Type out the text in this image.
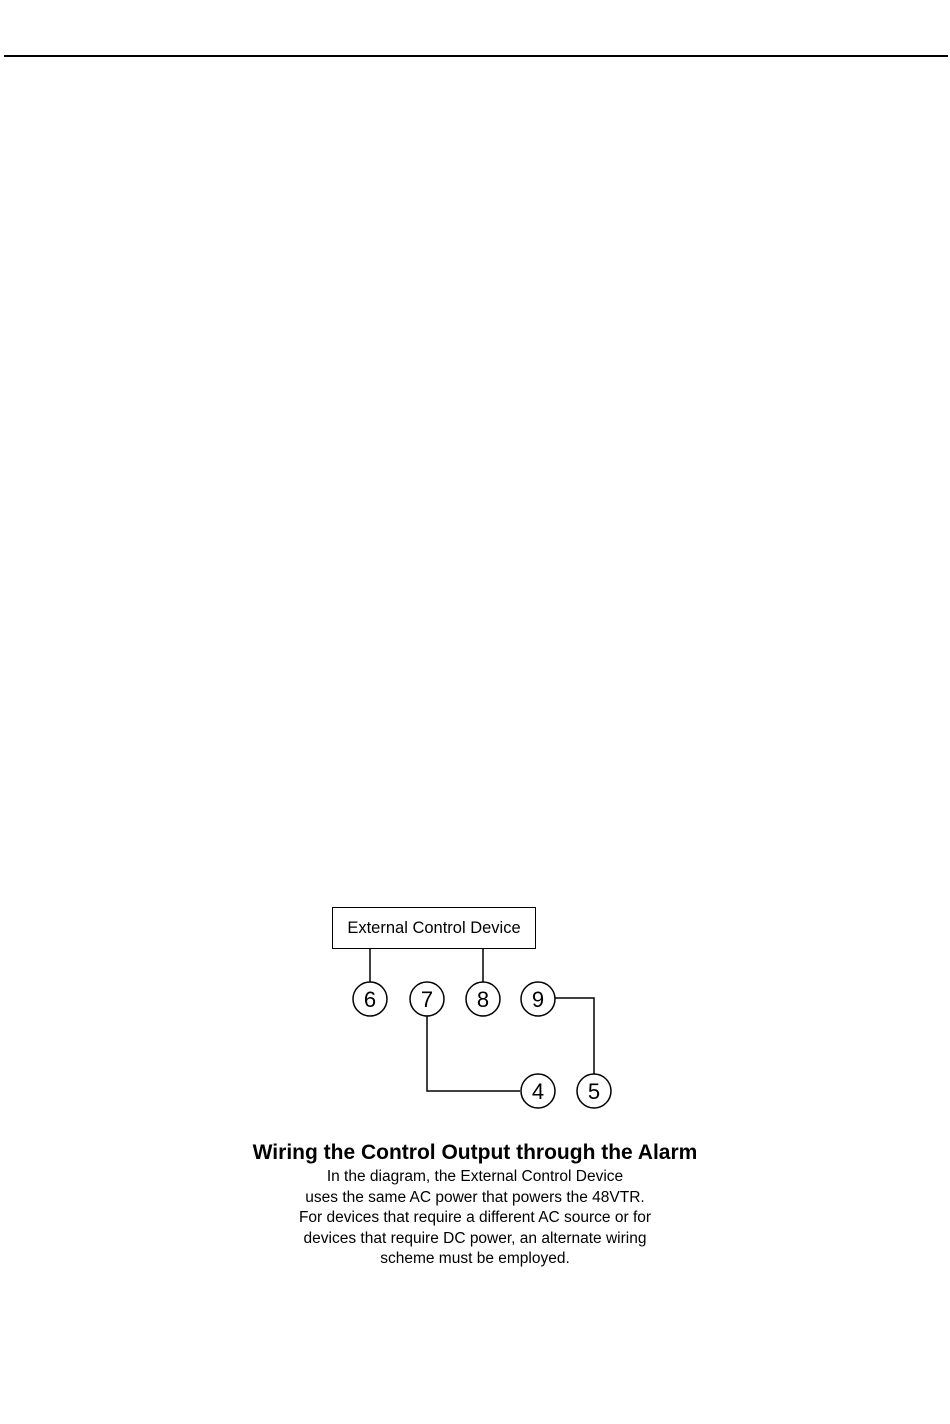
External Control Device
6 7 8 9
4 5

Wiring the Control Output through the Alarm

In the diagram, the External Control Device
uses the same AC power that powers the 48VTR.
For devices that require a different AC source or for
devices that require DC power, an alternate wiring
scheme must be employed.
